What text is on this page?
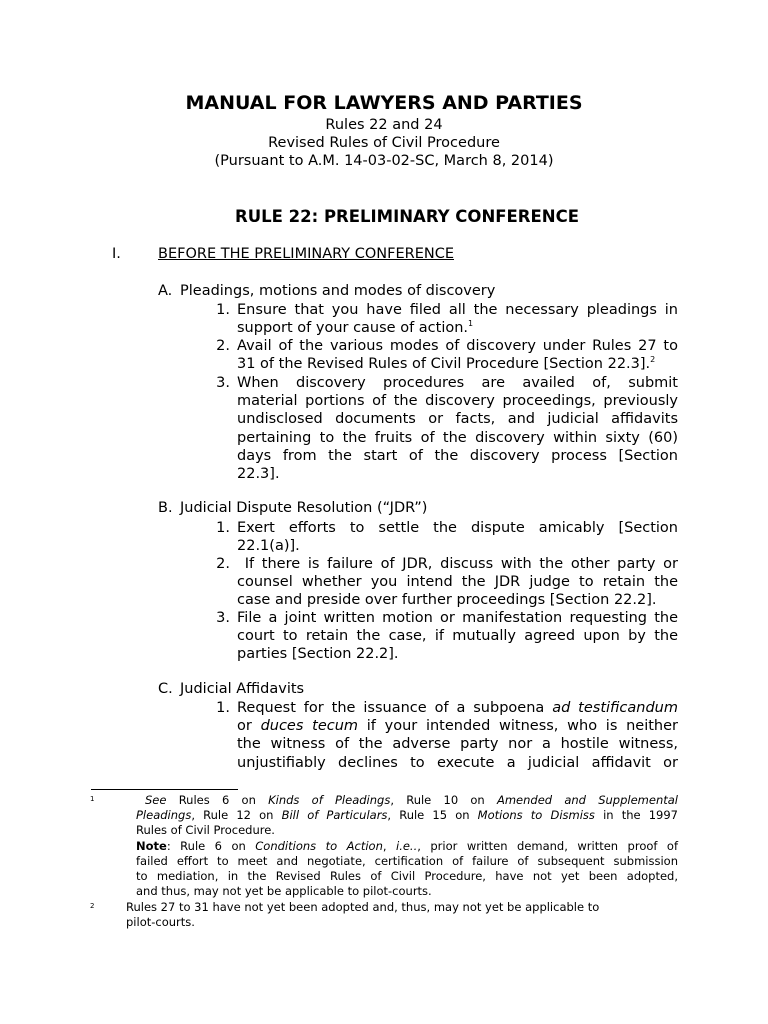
MANUAL FOR LAWYERS AND PARTIES
Rules 22 and 24
Revised Rules of Civil Procedure
(Pursuant to A.M. 14-03-02-SC, March 8, 2014)
RULE 22: PRELIMINARY CONFERENCE
I.	BEFORE THE PRELIMINARY CONFERENCE
A. Pleadings, motions and modes of discovery
1. Ensure that you have filed all the necessary pleadings in
support of your cause of action.$^1$
2. Avail of the various modes of discovery under Rules 27 to
31 of the Revised Rules of Civil Procedure [Section 22.3].$^2$
3. When discovery procedures are availed of, submit
material portions of the discovery proceedings, previously
undisclosed documents or facts, and judicial affidavits
pertaining to the fruits of the discovery within sixty (60)
days from the start of the discovery process [Section
22.3].
B. Judicial Dispute Resolution (“JDR”)
1. Exert efforts to settle the dispute amicably [Section
22.1(a)].
2. If there is failure of JDR, discuss with the other party or
counsel whether you intend the JDR judge to retain the
case and preside over further proceedings [Section 22.2].
3. File a joint written motion or manifestation requesting the
court to retain the case, if mutually agreed upon by the
parties [Section 22.2].
C. Judicial Affidavits
1. Request for the issuance of a subpoena ad testificandum
or duces tecum if your intended witness, who is neither
the witness of the adverse party nor a hostile witness,
unjustifiably declines to execute a judicial affidavit or
1	See Rules 6 on Kinds of Pleadings, Rule 10 on Amended and Supplemental
Pleadings, Rule 12 on Bill of Particulars, Rule 15 on Motions to Dismiss in the 1997
Rules of Civil Procedure.
Note: Rule 6 on Conditions to Action, i.e.., prior written demand, written proof of
failed effort to meet and negotiate, certification of failure of subsequent submission
to mediation, in the Revised Rules of Civil Procedure, have not yet been adopted,
and thus, may not yet be applicable to pilot-courts.
2	Rules 27 to 31 have not yet been adopted and, thus, may not yet be applicable to
pilot-courts.
